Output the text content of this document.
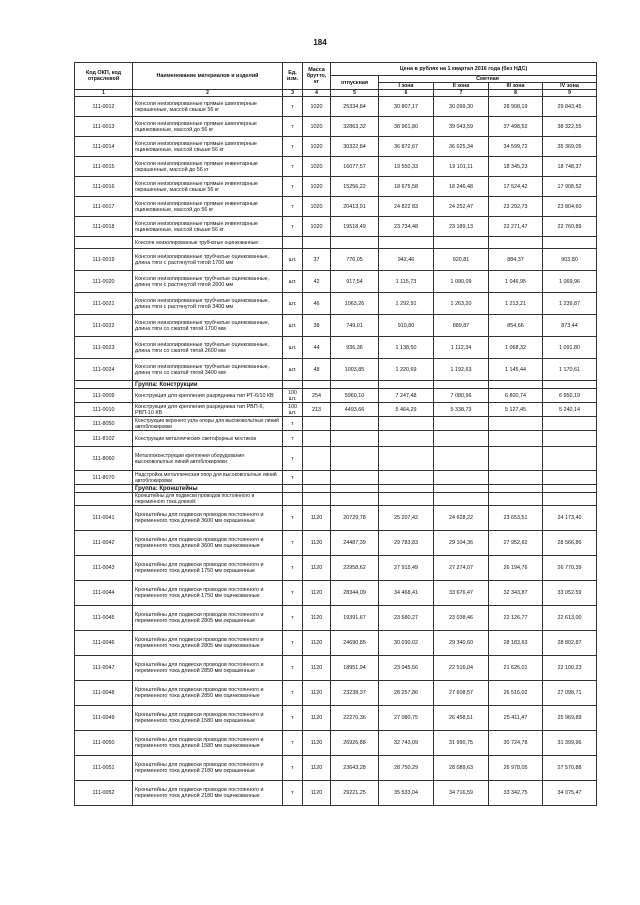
184
Код ОКП, код отраслевой	Наименование материалов и изделий	Ед. изм.	Масса брутто, кг	Цена в рублях на 1 квартал 2016 года (без НДС)				
				отпускная	Сметная			
					I зона	II зона	III зона	IV зона
1	2	3	4	5	6	7	8	9
111-0012	Консоли неизолированные прямые швеллерные окрашенные, массой свыше 56 кг	т	1020	25334,84	30 807,17	30 099,30	28 908,19	29 843,45
111-0013	Консоли неизолированные прямые швеллерные оцинкованные, массой до 56 кг	т	1020	32863,32	38 961,80	39 043,59	37 498,52	38 322,55
111-0014	Консоли неизолированные прямые швеллерные оцинкованные, массой свыше 56 кг	т	1020	30322,84	36 872,67	36 025,34	34 599,72	35 369,05
111-0015	Консоли неизолированные прямые инвентарные окрашенные, массой до 56 кг	т	1020	16077,57	19 550,33	19 101,11	18 345,23	18 748,37
111-0016	Консоли неизолированные прямые инвентарные окрашенные, массой свыше 56 кг	т	1020	15256,22	18 675,58	18 246,48	17 524,42	17 908,52
111-0017	Консоли неизолированные прямые инвентарные оцинкованные, массой до 56 кг	т	1020	20413,91	24 822 83	24 252,47	23 292,73	23 804,60
111-0018	Консоли неизолированные прямые инвентарные оцинкованные, массой свыше 56 кг	т	1020	19518,49	23 734,48	23 189,13	22 271,47	22 760,89
	Консоли неизолированные трубчатые оцинкованные:							
111-0019	Консоли неизолированные трубчатые оцинкованные, длина тяги с растянутой тягой 1700 мм	шт.	37	776,05	942,46	920,81	884,37	903,80
111-0020	Консоли неизолированные трубчатые оцинкованные, длина тяги с растянутой тягой 2600 мм	шт.	42	917,54	1 115,73	1 090,09	1 046,95	1 069,96
111-0021	Консоли неизолированные трубчатые оцинкованные, длина тяги с растянутой тягой 3400 мм	шт.	46	1063,26	1 292,91	1 263,20	1 213,21	1 239,87
111-0022	Консоли неизолированные трубчатые оцинкованные, длина тяги со сжатой тягой 1700 мм	шт.	38	749,01	910,80	889,87	854,66	873,44
111-0023	Консоли неизолированные трубчатые оцинкованные, длина тяги со сжатой тягой 2600 мм	шт.	44	936,36	1 138,50	1 112,34	1 068,32	1 091,80
111-0024	Консоли неизолированные трубчатые оцинкованные, длина тяги со сжатой тягой 3400 мм	шт.	48	1003,85	1 220,69	1 192,63	1 145,44	1 170,61
	Группа: Конструкции							
111-0009	Конструкция для крепления разрядника тип РТ-6/10 КВ	100 шт.	254	5960,10	7 247,48	7 080,96	6 800,74	6 950,19
111-0010	Конструкция для крепления разрядника тип РВП-6, РВП-10 КВ	100 шт.	213	4493,66	5 464,29	5 338,73	5 127,45	5 240,14
111-8050	Конструкции верхнего узла опоры для высоковольтных линий автоблокировки	т						
111-8102	Конструкции металлических светофорных мостиков	т						
111-8060	Металлоконструкции крепления оборудования высоковольтных линий автоблокировки	т						
111-8070	Надстройка металлическая опор для высоковольтных линий автоблокировки	т						
	Группа: Кронштейны							
	Кронштейны для подвески проводов постоянного и переменного тока длиной:							
111-0041	Кронштейны для подвески проводов постоянного и переменного тока длиной 3600 мм окрашенные	т	1120	20729,78	25 207,42	24 628,22	23 653,51	24 173,40
111-0042	Кронштейны для подвески проводов постоянного и переменного тока длиной 3600 мм оцинкованные	т	1120	24487,39	29 783,83	29 104,36	27 952,62	28 566,86
111-0043	Кронштейны для подвески проводов постоянного и переменного тока длиной 1750 мм окрашенные	т	1120	22958,62	27 915,49	27 274,07	26 194,76	26 770,39
111-0044	Кронштейны для подвески проводов постоянного и переменного тока длиной 1750 мм оцинкованные	т	1120	28344,09	34 468,41	33 676,47	32 343,87	33 052,59
111-0045	Кронштейны для подвески проводов постоянного и переменного тока длиной 2805 мм окрашенные	т	1120	19391,67	23 580,27	23 038,46	22 126,77	22 613,00
111-0046	Кронштейны для подвески проводов постоянного и переменного тока длиной 2805 мм оцинкованные	т	1120	24690,85	30 030,02	29 340,60	28 183,63	28 802,87
111-0047	Кронштейны для подвески проводов постоянного и переменного тока длиной 2850 мм окрашенные	т	1120	18951,94	23 045,56	22 516,04	21 625,01	22 100,23
111-0048	Кронштейны для подвески проводов постоянного и переменного тока длиной 2850 мм оцинкованные	т	1120	23238,37	28 257,86	27 608,57	26 516,02	27 098,71
111-0049	Кронштейны для подвески проводов постоянного и переменного тока длиной 1580 мм окрашенные	т	1120	22270,36	27 080,75	26 458,51	25 411,47	25 969,89
111-0050	Кронштейны для подвески проводов постоянного и переменного тока длиной 1580 мм оцинкованные	т	1120	26926,88	32 743,09	31 990,75	30 724,78	31 399,96
111-0051	Кронштейны для подвески проводов постоянного и переменного тока длиной 2180 мм окрашенные	т	1120	23643,28	28 750,29	28 089,63	26 978,05	27 570,88
111-0052	Кронштейны для подвески проводов постоянного и переменного тока длиной 2180 мм оцинкованные	т	1120	29221,25	35 533,04	34 716,59	33 342,75	34 075,47
